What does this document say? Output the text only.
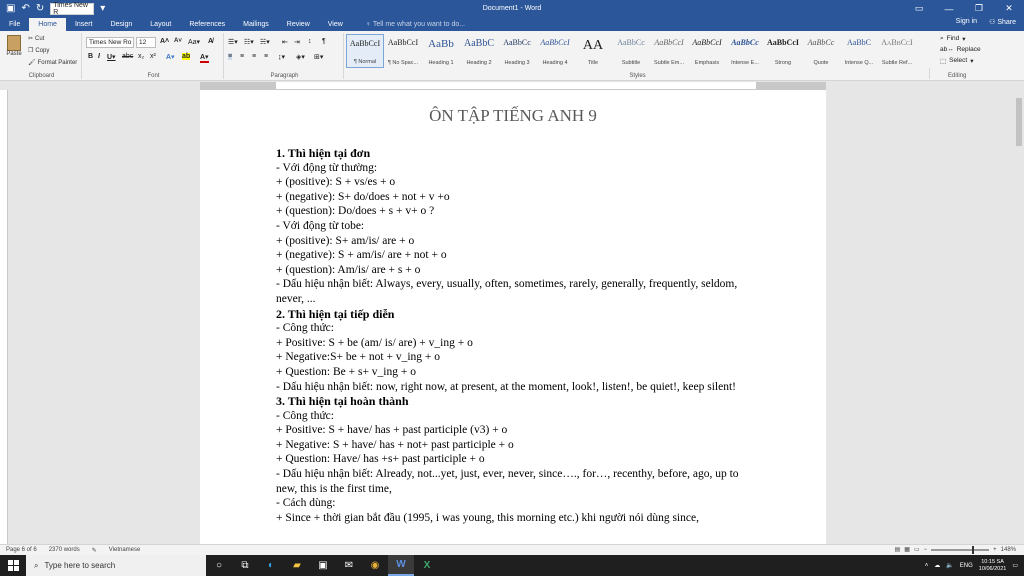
▣ ↶ ↻	Times New R	▾	Document1 - Word	▭	—	❐	✕
File	Home	Insert	Design	Layout	References	Mailings	Review	View	♀ Tell me what you want to do...	Sign in ⚇ Share
Paste
✂ Cut
❐ Copy
🖌 Format Painter
Clipboard
Times New Ro	12	A˄ A˅ Aa▾ A̸
B I U▾ abc x₂ x² A▾ ab A▾
Font
☰▾ ☷▾ ☵▾ ⇤ ⇥ ↕ ¶
≡ ≡ ≡ ≡ ↨▾ ◈▾ ⊞▾
Paragraph
AaBbCcI
¶ Normal
AaBbCcI
¶ No Spac...
AaBb
Heading 1
AaBbC
Heading 2
AaBbCc
Heading 3
AaBbCcI
Heading 4
AA
Title
AaBbCc
Subtitle
AaBbCcI
Subtle Em...
AaBbCcI
Emphasis
AaBbCc
Intense E...
AaBbCcI
Strong
AaBbCc
Quote
AaBbC
Intense Q...
AaBbCcI
Subtle Ref...
Styles
⌕ Find ▾
ab↔ Replace
⬚ Select ▾
Editing
ÔN TẬP TIẾNG ANH 9
1. Thì hiện tại đơn
- Với động từ thường:
+ (positive): S + vs/es + o
+ (negative): S+ do/does + not + v +o
+ (question): Do/does + s + v+ o ?
- Với động từ tobe:
+ (positive): S+ am/is/ are + o
+ (negative): S + am/is/ are + not + o
+ (question): Am/is/ are + s + o
- Dấu hiệu nhận biết: Always, every, usually, often, sometimes, rarely, generally, frequently, seldom, never, ...
2. Thì hiện tại tiếp diễn
- Công thức:
+ Positive: S + be (am/ is/ are) + v_ing + o
+ Negative:S+ be + not + v_ing + o
+ Question: Be + s+ v_ing + o
- Dấu hiệu nhận biết: now, right now, at present, at the moment, look!, listen!, be quiet!, keep silent!
3. Thì hiện tại hoàn thành
- Công thức:
+ Positive: S + have/ has + past participle (v3) + o
+ Negative: S + have/ has + not+ past participle + o
+ Question: Have/ has +s+ past participle + o
- Dấu hiệu nhận biết: Already, not...yet, just, ever, never, since…., for…, recenthy, before, ago, up to new, this is the first time,
- Cách dùng:
+ Since + thời gian bắt đầu (1995, i was young, this morning etc.) khi người nói dùng since,
Page 6 of 6	2370 words	✎	Vietnamese	▤ ▦ ▭ −	+ 148%
⌕ Type here to search	○	⧉	◐	▰	▣	✉	◉	W	X	˄ ☁ 🔈 ENG
10:15 SA
10/06/2021 ▭
